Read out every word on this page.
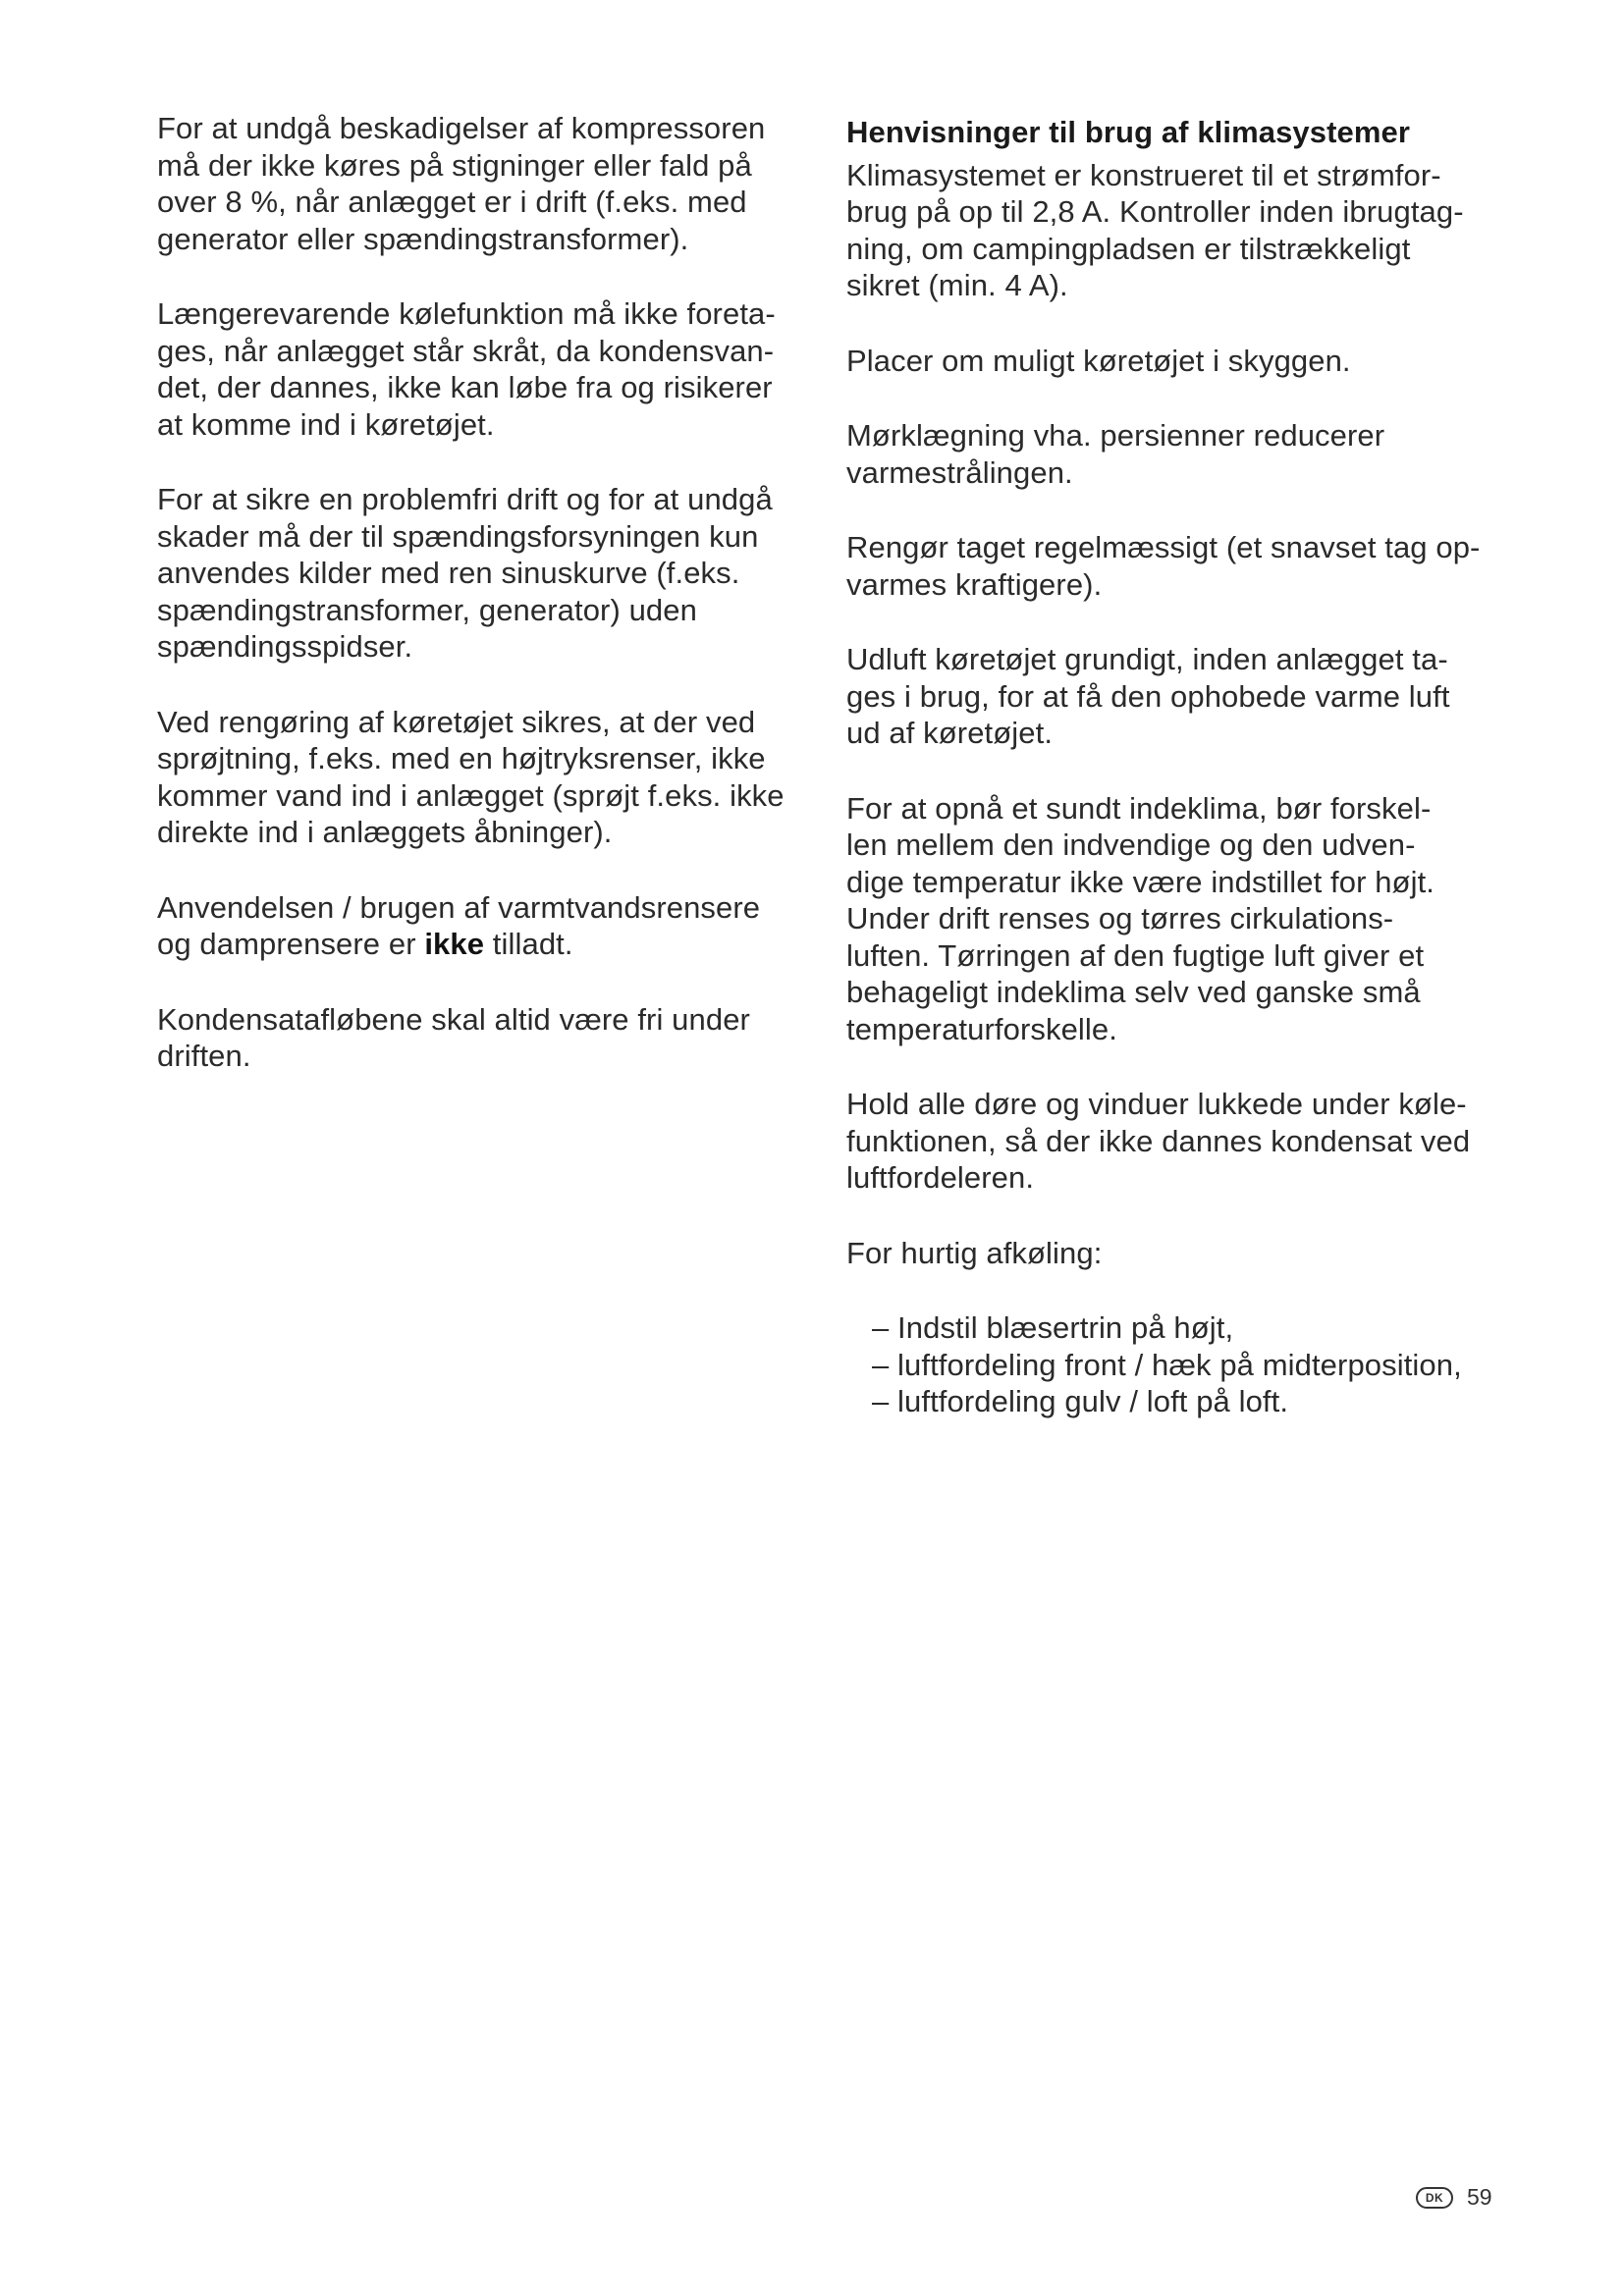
For at undgå beskadigelser af kompressoren
må der ikke køres på stigninger eller fald på
over 8 %, når anlægget er i drift (f.eks. med
generator eller spændingstransformer).
Længerevarende kølefunktion må ikke foreta-
ges, når anlægget står skråt, da kondensvan-
det, der dannes, ikke kan løbe fra og risikerer
at komme ind i køretøjet.
For at sikre en problemfri drift og for at undgå
skader må der til spændingsforsyningen kun
anvendes kilder med ren sinuskurve (f.eks.
spændingstransformer, generator) uden
spændingsspidser.
Ved rengøring af køretøjet sikres, at der ved
sprøjtning, f.eks. med en højtryksrenser, ikke
kommer vand ind i anlægget (sprøjt f.eks. ikke
direkte ind i anlæggets åbninger).
Anvendelsen / brugen af varmtvandsrensere
og damprensere er ikke tilladt.
Kondensatafløbene skal altid være fri under
driften.
Henvisninger til brug af klimasystemer
Klimasystemet er konstrueret til et strømfor-
brug på op til 2,8 A. Kontroller inden ibrugtag-
ning, om campingpladsen er tilstrækkeligt
sikret (min. 4 A).
Placer om muligt køretøjet i skyggen.
Mørklægning vha. persienner reducerer
varmestrålingen.
Rengør taget regelmæssigt (et snavset tag op-
varmes kraftigere).
Udluft køretøjet grundigt, inden anlægget ta-
ges i brug, for at få den ophobede varme luft
ud af køretøjet.
For at opnå et sundt indeklima, bør forskel-
len mellem den indvendige og den udven-
dige temperatur ikke være indstillet for højt.
Under drift renses og tørres cirkulations-
luften. Tørringen af den fugtige luft giver et
behageligt indeklima selv ved ganske små
temperaturforskelle.
Hold alle døre og vinduer lukkede under køle-
funktionen, så der ikke dannes kondensat ved
luftfordeleren.
For hurtig afkøling:
– Indstil blæsertrin på højt,
– luftfordeling front / hæk på midterposition,
– luftfordeling gulv / loft på loft.
DK	59
